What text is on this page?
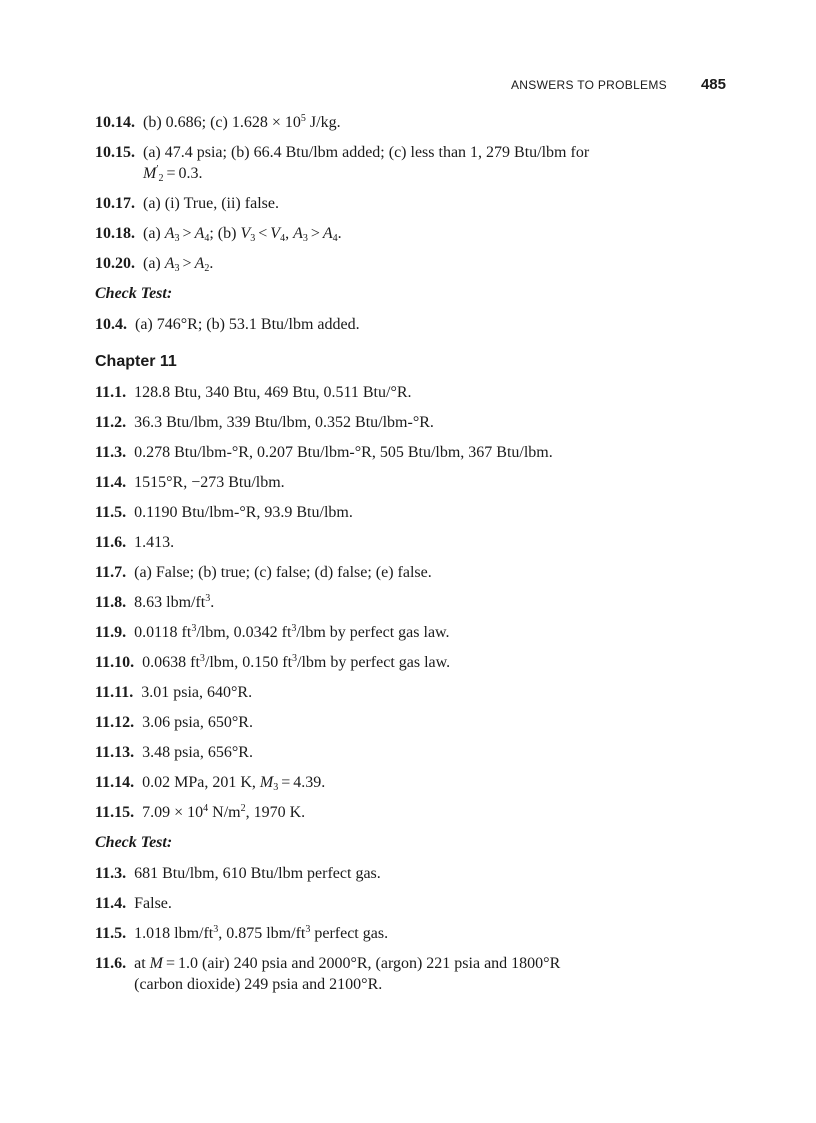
ANSWERS TO PROBLEMS 485
10.14. (b) 0.686; (c) $1.628 \times 10^5$ J/kg.
10.15. (a) 47.4 psia; (b) 66.4 Btu/lbm added; (c) less than 1, 279 Btu/lbm for
$M'_2 = 0.3$.
10.17. (a) (i) True, (ii) false.
10.18. (a) $A_3 > A_4$; (b) $V_3 < V_4$, $A_3 > A_4$.
10.20. (a) $A_3 > A_2$.
Check Test:
10.4. (a) 746°R; (b) 53.1 Btu/lbm added.
Chapter 11
11.1. 128.8 Btu, 340 Btu, 469 Btu, 0.511 Btu/°R.
11.2. 36.3 Btu/lbm, 339 Btu/lbm, 0.352 Btu/lbm-°R.
11.3. 0.278 Btu/lbm-°R, 0.207 Btu/lbm-°R, 505 Btu/lbm, 367 Btu/lbm.
11.4. 1515°R, −273 Btu/lbm.
11.5. 0.1190 Btu/lbm-°R, 93.9 Btu/lbm.
11.6. 1.413.
11.7. (a) False; (b) true; (c) false; (d) false; (e) false.
11.8. 8.63 lbm/$ft^3$.
11.9. 0.0118 $ft^3$/lbm, 0.0342 $ft^3$/lbm by perfect gas law.
11.10. 0.0638 $ft^3$/lbm, 0.150 $ft^3$/lbm by perfect gas law.
11.11. 3.01 psia, 640°R.
11.12. 3.06 psia, 650°R.
11.13. 3.48 psia, 656°R.
11.14. 0.02 MPa, 201 K, $M_3 = 4.39$.
11.15. $7.09 \times 10^4$ $N/m^2$, 1970 K.
Check Test:
11.3. 681 Btu/lbm, 610 Btu/lbm perfect gas.
11.4. False.
11.5. 1.018 lbm/$ft^3$, 0.875 lbm/$ft^3$ perfect gas.
11.6. at M = 1.0 (air) 240 psia and 2000°R, (argon) 221 psia and 1800°R
(carbon dioxide) 249 psia and 2100°R.
